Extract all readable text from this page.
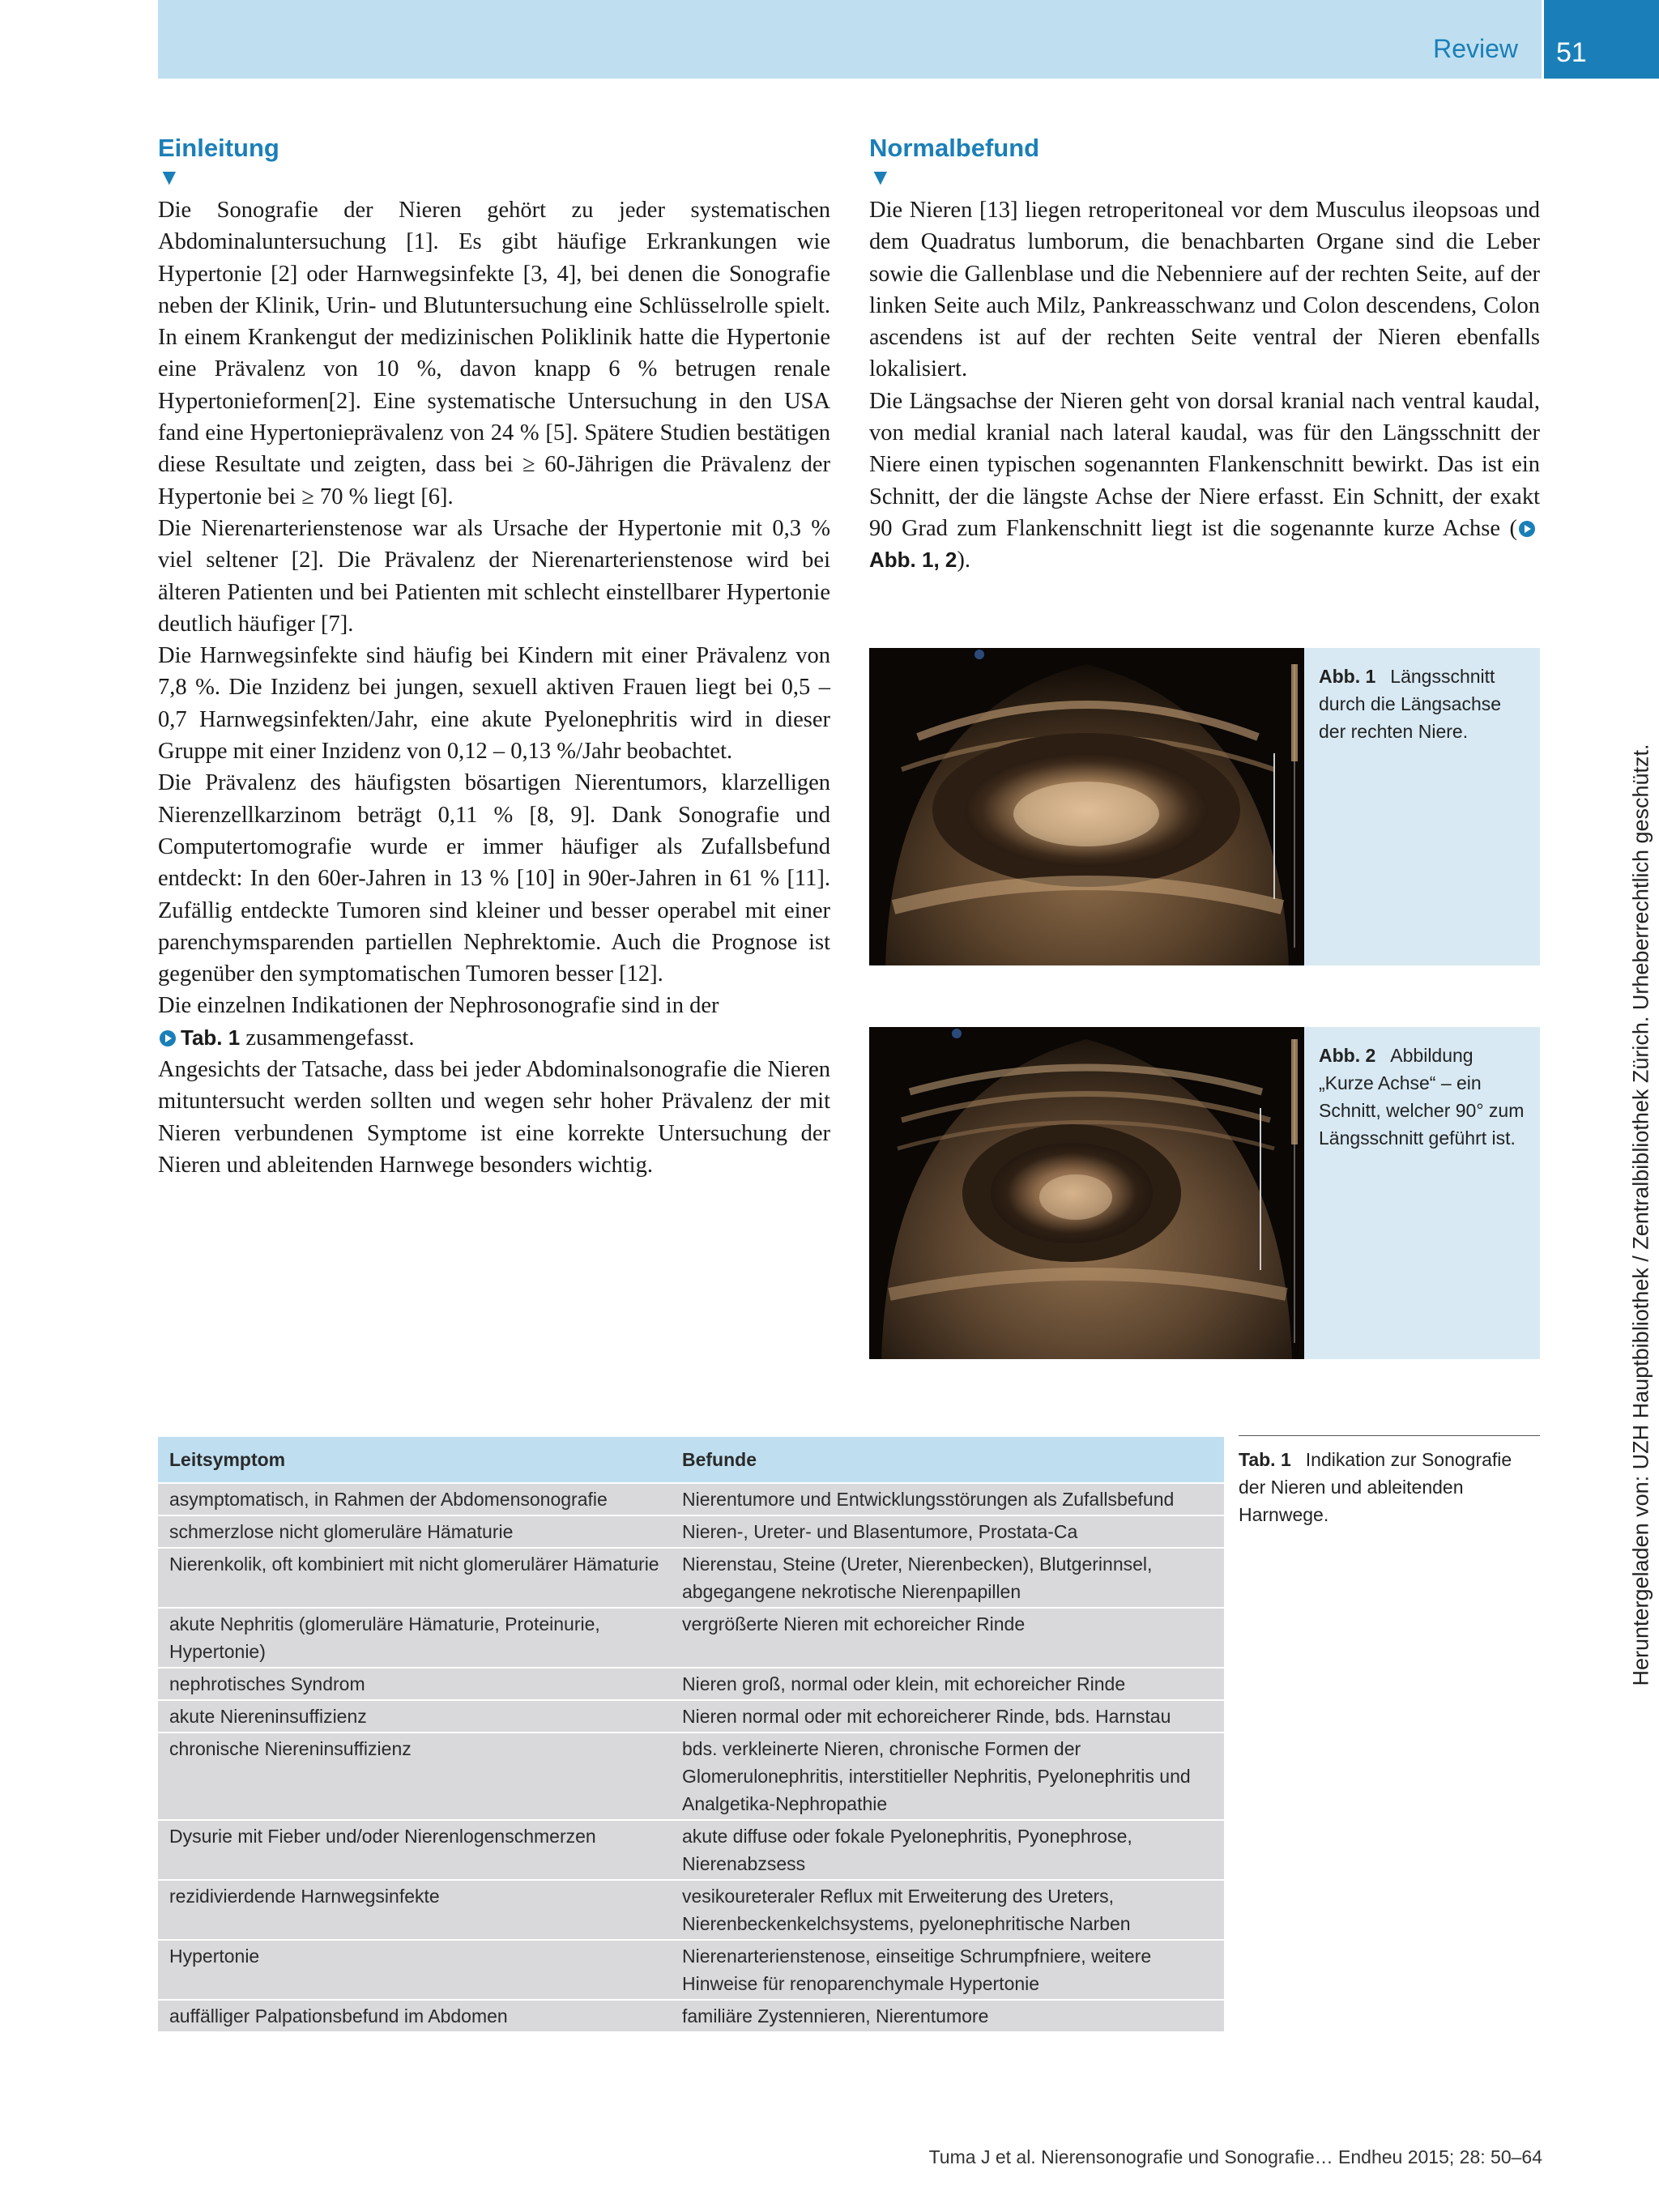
Review 51
Einleitung
▼

Die Sonografie der Nieren gehört zu jeder systematischen Abdominaluntersuchung [1]. Es gibt häufige Erkrankungen wie Hypertonie [2] oder Harnwegsinfekte [3, 4], bei denen die Sonografie neben der Klinik, Urin- und Blutuntersuchung eine Schlüsselrolle spielt. In einem Krankengut der medizinischen Poliklinik hatte die Hypertonie eine Prävalenz von 10 %, davon knapp 6 % betrugen renale Hypertonieformen[2]. Eine systematische Untersuchung in den USA fand eine Hypertonieprävalenz von 24 % [5]. Spätere Studien bestätigen diese Resultate und zeigten, dass bei ≥ 60-Jährigen die Prävalenz der Hypertonie bei ≥ 70 % liegt [6].

Die Nierenarterienstenose war als Ursache der Hypertonie mit 0,3 % viel seltener [2]. Die Prävalenz der Nierenarterienstenose wird bei älteren Patienten und bei Patienten mit schlecht einstellbarer Hypertonie deutlich häufiger [7].

Die Harnwegsinfekte sind häufig bei Kindern mit einer Prävalenz von 7,8 %. Die Inzidenz bei jungen, sexuell aktiven Frauen liegt bei 0,5 – 0,7 Harnwegsinfekten/Jahr, eine akute Pyelonephritis wird in dieser Gruppe mit einer Inzidenz von 0,12 – 0,13 %/Jahr beobachtet.

Die Prävalenz des häufigsten bösartigen Nierentumors, klarzelligen Nierenzellkarzinom beträgt 0,11 % [8, 9]. Dank Sonografie und Computertomografie wurde er immer häufiger als Zufallsbefund entdeckt: In den 60er-Jahren in 13 % [10] in 90er-Jahren in 61 % [11]. Zufällig entdeckte Tumoren sind kleiner und besser operabel mit einer parenchymsparenden partiellen Nephrektomie. Auch die Prognose ist gegenüber den symptomatischen Tumoren besser [12].

Die einzelnen Indikationen der Nephrosonografie sind in der
Tab. 1 zusammengefasst.

Angesichts der Tatsache, dass bei jeder Abdominalsonografie die Nieren mituntersucht werden sollten und wegen sehr hoher Prävalenz der mit Nieren verbundenen Symptome ist eine korrekte Untersuchung der Nieren und ableitenden Harnwege besonders wichtig.

Normalbefund
▼

Die Nieren [13] liegen retroperitoneal vor dem Musculus ileopsoas und dem Quadratus lumborum, die benachbarten Organe sind die Leber sowie die Gallenblase und die Nebenniere auf der rechten Seite, auf der linken Seite auch Milz, Pankreasschwanz und Colon descendens, Colon ascendens ist auf der rechten Seite ventral der Nieren ebenfalls lokalisiert.

Die Längsachse der Nieren geht von dorsal kranial nach ventral kaudal, von medial kranial nach lateral kaudal, was für den Längsschnitt der Niere einen typischen sogenannten Flankenschnitt bewirkt. Das ist ein Schnitt, der die längste Achse der Niere erfasst. Ein Schnitt, der exakt 90 Grad zum Flankenschnitt liegt ist die sogenannte kurze Achse (Abb. 1, 2).

Abb. 1 Längsschnitt durch die Längsachse der rechten Niere.
Abb. 2 Abbildung „Kurze Achse“ – ein Schnitt, welcher 90° zum Längsschnitt geführt ist.
Leitsymptom	Befunde
asymptomatisch, in Rahmen der Abdomensonografie	Nierentumore und Entwicklungsstörungen als Zufallsbefund
schmerzlose nicht glomeruläre Hämaturie	Nieren-, Ureter- und Blasentumore, Prostata-Ca
Nierenkolik, oft kombiniert mit nicht glomerulärer Hämaturie	Nierenstau, Steine (Ureter, Nierenbecken), Blutgerinnsel, abgegangene nekrotische Nierenpapillen
akute Nephritis (glomeruläre Hämaturie, Proteinurie, Hypertonie)	vergrößerte Nieren mit echoreicher Rinde
nephrotisches Syndrom	Nieren groß, normal oder klein, mit echoreicher Rinde
akute Niereninsuffizienz	Nieren normal oder mit echoreicherer Rinde, bds. Harnstau
chronische Niereninsuffizienz	bds. verkleinerte Nieren, chronische Formen der Glomerulonephritis, interstitieller Nephritis, Pyelonephritis und Analgetika-Nephropathie
Dysurie mit Fieber und/oder Nierenlogenschmerzen	akute diffuse oder fokale Pyelonephritis, Pyonephrose, Nierenabzsess
rezidivierdende Harnwegsinfekte	vesikoureteraler Reflux mit Erweiterung des Ureters, Nierenbeckenkelchsystems, pyelonephritische Narben
Hypertonie	Nierenarterienstenose, einseitige Schrumpfniere, weitere Hinweise für renoparenchymale Hypertonie
auffälliger Palpationsbefund im Abdomen	familiäre Zystennieren, Nierentumore
Tab. 1 Indikation zur Sonografie der Nieren und ableitenden Harnwege.
Tuma J et al. Nierensonografie und Sonografie… Endheu 2015; 28: 50–64
Heruntergeladen von: UZH Hauptbibliothek / Zentralbibliothek Zürich. Urheberrechtlich geschützt.
